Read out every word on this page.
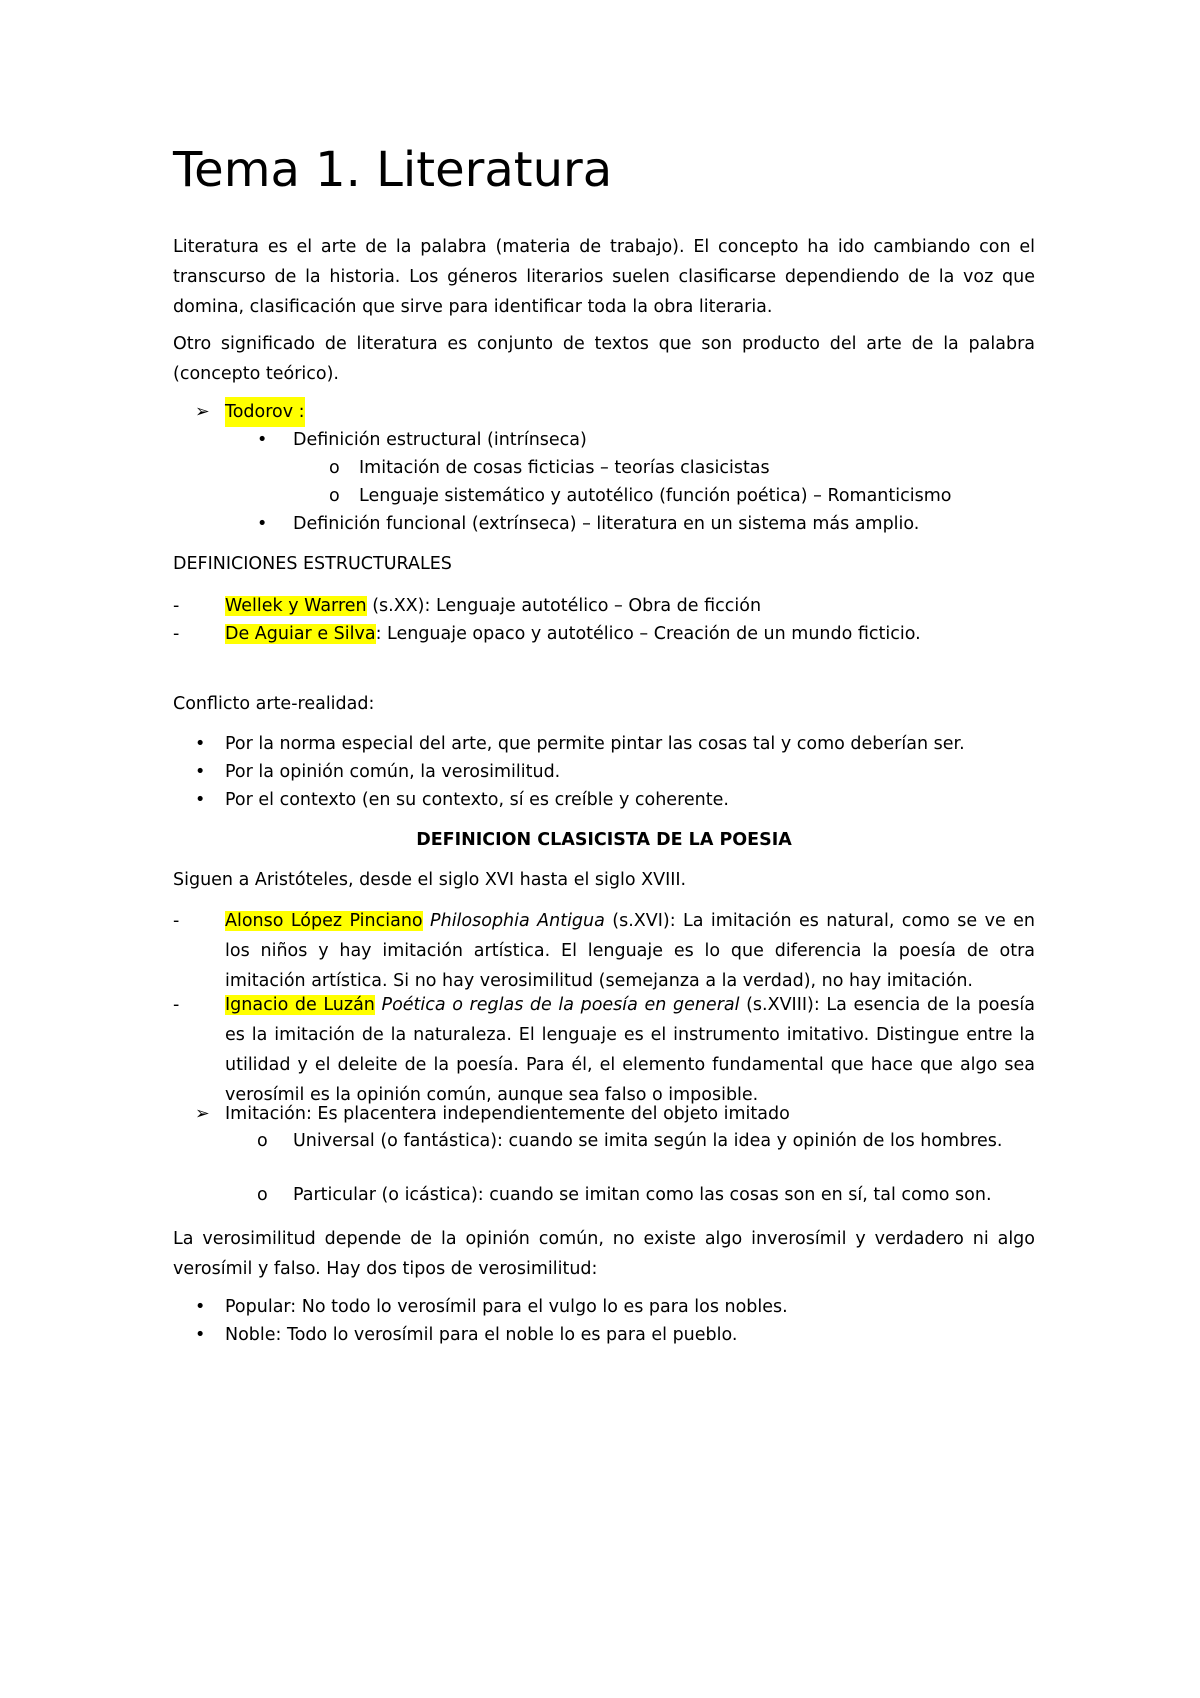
Tema 1. Literatura

Literatura es el arte de la palabra (materia de trabajo). El concepto ha ido cambiando con el transcurso de la historia. Los géneros literarios suelen clasificarse dependiendo de la voz que domina, clasificación que sirve para identificar toda la obra literaria.

Otro significado de literatura es conjunto de textos que son producto del arte de la palabra (concepto teórico).

➢ Todorov :
• Definición estructural (intrínseca)
o Imitación de cosas ficticias – teorías clasicistas
o Lenguaje sistemático y autotélico (función poética) – Romanticismo
• Definición funcional (extrínseca) – literatura en un sistema más amplio.
DEFINICIONES ESTRUCTURALES
-	Wellek y Warren (s.XX): Lenguaje autotélico – Obra de ficción
-	De Aguiar e Silva: Lenguaje opaco y autotélico – Creación de un mundo ficticio.
Conflicto arte-realidad:
• Por la norma especial del arte, que permite pintar las cosas tal y como deberían ser.
• Por la opinión común, la verosimilitud.
• Por el contexto (en su contexto, sí es creíble y coherente.

DEFINICION CLASICISTA DE LA POESIA

Siguen a Aristóteles, desde el siglo XVI hasta el siglo XVIII.
-	Alonso López Pinciano Philosophia Antigua (s.XVI): La imitación es natural, como se ve en los niños y hay imitación artística. El lenguaje es lo que diferencia la poesía de otra imitación artística. Si no hay verosimilitud (semejanza a la verdad), no hay imitación.

-	Ignacio de Luzán Poética o reglas de la poesía en general (s.XVIII): La esencia de la poesía es la imitación de la naturaleza. El lenguaje es el instrumento imitativo. Distingue entre la utilidad y el deleite de la poesía. Para él, el elemento fundamental que hace que algo sea verosímil es la opinión común, aunque sea falso o imposible.

➢ Imitación: Es placentera independientemente del objeto imitado
o Universal (o fantástica): cuando se imita según la idea y opinión de los hombres.

o Particular (o icástica): cuando se imitan como las cosas son en sí, tal como son.

La verosimilitud depende de la opinión común, no existe algo inverosímil y verdadero ni algo verosímil y falso. Hay dos tipos de verosimilitud:

• Popular: No todo lo verosímil para el vulgo lo es para los nobles.
• Noble: Todo lo verosímil para el noble lo es para el pueblo.
